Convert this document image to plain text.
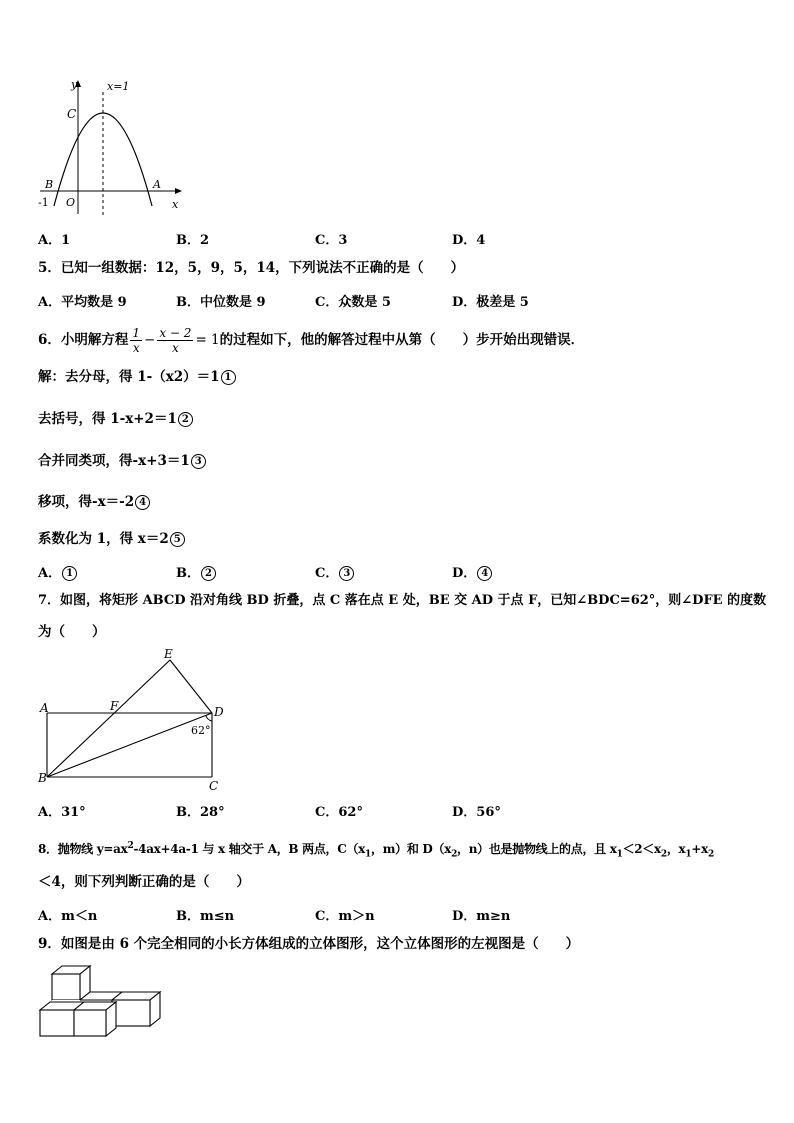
y	x=1
C
B	A
-1 O	x
A．1	B．2	C．3	D．4
5．已知一组数据：12，5，9，5，14，下列说法不正确的是（　　）
A．平均数是 9	B．中位数是 9	C．众数是 5	D．极差是 5
6．小明解方程 $\frac{1}{x} - \frac{x - 2}{x} = 1$的过程如下，他的解答过程中从第（　　）步开始出现错误．
解：去分母，得 1-（x2）＝1 1
去括号，得 1-x+2＝1 2
合并同类项，得-x+3＝1 3
移项，得-x＝-2 4
系数化为 1，得 x＝2 5
A． 1	B． 2	C． 3	D． 4
7．如图，将矩形 ABCD 沿对角线 BD 折叠，点 C 落在点 E 处，BE 交 AD 于点 F，已知∠BDC=62°，则∠DFE 的度数
为（　　）
E
A	F	D
B
C
62°
A．31°	B．28°	C．62°	D．56°
8．抛物线 $y=ax^2-4ax+4a-1$ 与 x 轴交于 A，B 两点，$C(x_1$，m）和 $D(x_2$，n）也是抛物线上的点，且 $x_1<2<x_2$，$x_1+x_2$
＜4，则下列判断正确的是（　　）
A．m＜n	B．m≤n	C．m＞n	D．m≥n
9．如图是由 6 个完全相同的小长方体组成的立体图形，这个立体图形的左视图是（　　）
